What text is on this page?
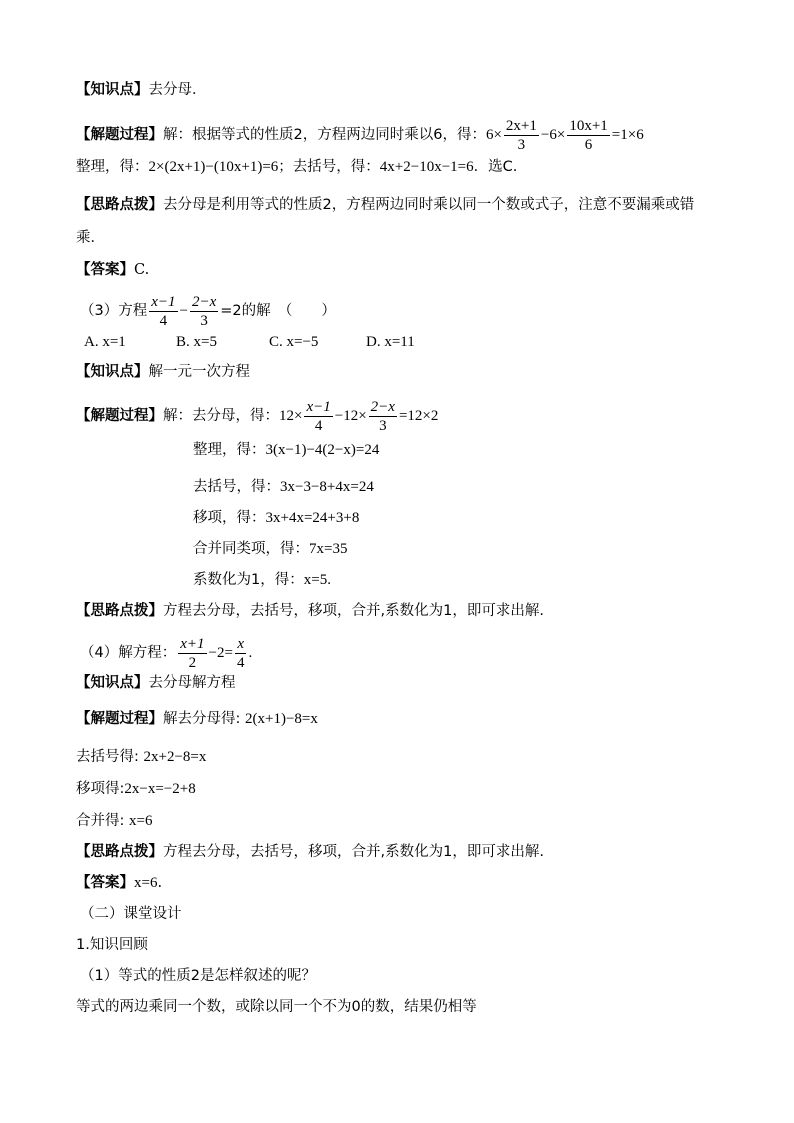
【知识点】去分母．
【解题过程】解：根据等式的性质2，方程两边同时乘以6，得：$6\times \frac{2x+1}{3} -6\times \frac{10x+1}{6} =1\times 6$
整理，得：2×(2x+1)−(10x+1)=6；去括号，得：4x+2−10x−1=6．选C.
【思路点拨】去分母是利用等式的性质2，方程两边同时乘以同一个数或式子，注意不要漏乘或错
乘．
【答案】C.
（3）方程 $\frac{x-1}{4} - \frac{2-x}{3} =2$的解　（　　）
A. x=1	B. x=5	C. x=−5	D. x=11
【知识点】解一元一次方程
【解题过程】解：去分母，得：$12\times \frac{x-1}{4} -12\times \frac{2-x}{3} =12\times 2$
整理，得：3(x−1)−4(2−x)=24
去括号，得：3x−3−8+4x=24
移项，得：3x+4x=24+3+8
合并同类项，得：7x=35
系数化为1，得：x=5.
【思路点拨】方程去分母，去括号，移项，合并,系数化为1，即可求出解.
（4）解方程： $\frac{x+1}{2} -2= \frac{x}{4}$ .
【知识点】去分母解方程
【解题过程】解去分母得: 2(x+1)−8=x
去括号得: 2x+2−8=x
移项得:2x−x=−2+8
合并得: x=6
【思路点拨】方程去分母，去括号，移项，合并,系数化为1，即可求出解.
【答案】x=6.
（二）课堂设计
1.知识回顾
（1）等式的性质2是怎样叙述的呢？
等式的两边乘同一个数，或除以同一个不为0的数，结果仍相等
